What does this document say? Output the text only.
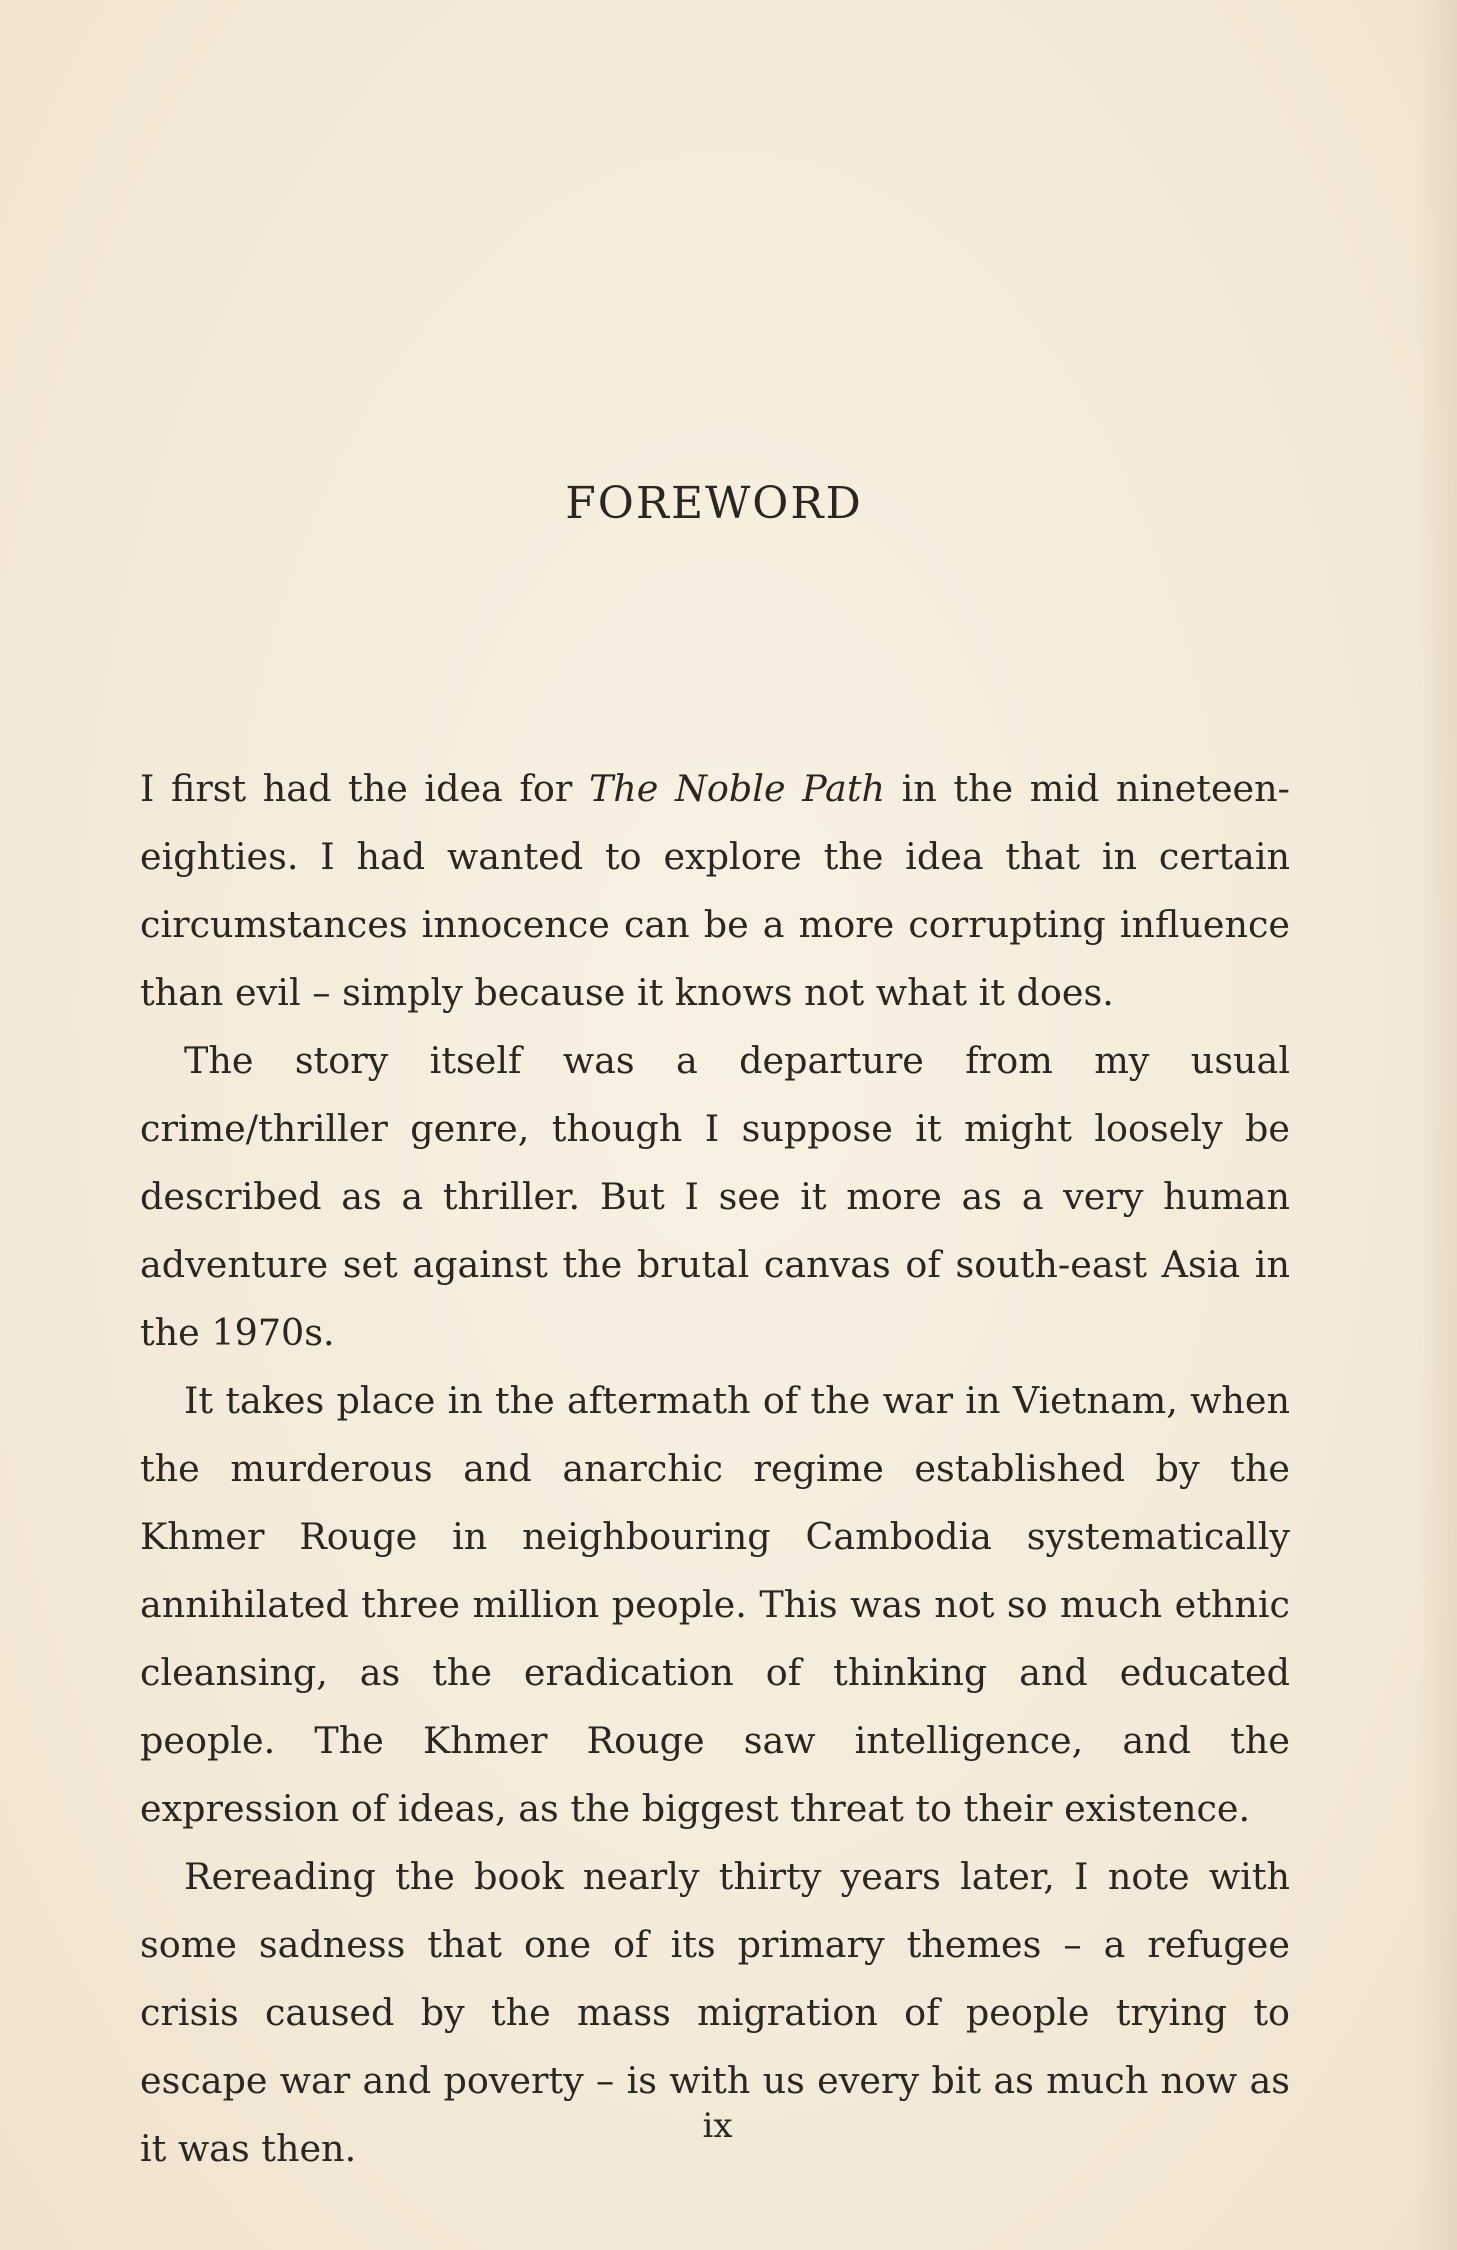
FOREWORD

I first had the idea for The Noble Path in the mid nineteen-eighties. I had wanted to explore the idea that in certain circumstances innocence can be a more corrupting influence than evil – simply because it knows not what it does.

The story itself was a departure from my usual crime/thriller genre, though I suppose it might loosely be described as a thriller. But I see it more as a very human adventure set against the brutal canvas of south-east Asia in the 1970s.

It takes place in the aftermath of the war in Vietnam, when the murderous and anarchic regime established by the Khmer Rouge in neighbouring Cambodia systematically annihilated three million people. This was not so much ethnic cleansing, as the eradication of thinking and educated people. The Khmer Rouge saw intelligence, and the expression of ideas, as the biggest threat to their existence.

Rereading the book nearly thirty years later, I note with some sadness that one of its primary themes – a refugee crisis caused by the mass migration of people trying to escape war and poverty – is with us every bit as much now as it was then.

ix
